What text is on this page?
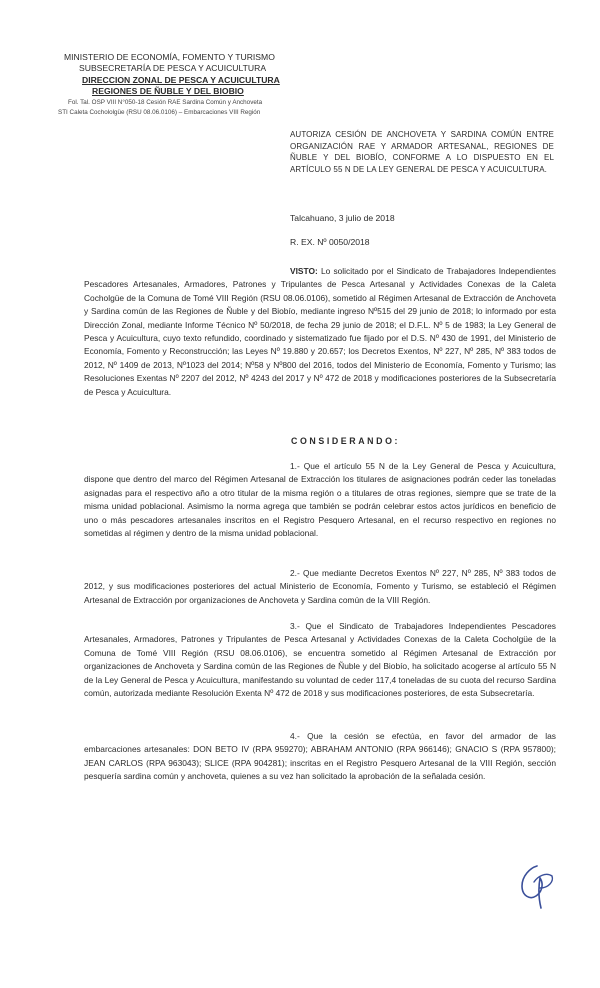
MINISTERIO DE ECONOMÍA, FOMENTO Y TURISMO
SUBSECRETARÍA DE PESCA Y ACUICULTURA
DIRECCION ZONAL DE PESCA Y ACUICULTURA
REGIONES DE ÑUBLE Y DEL BIOBIO
Fol. Tal. OSP VIII N°050-18 Cesión RAE Sardina Común y Anchoveta
STI Caleta Cochololgüe (RSU 08.06.0106) – Embarcaciones VIII Región
AUTORIZA CESIÓN DE ANCHOVETA Y SARDINA COMÚN ENTRE ORGANIZACIÓN RAE Y ARMADOR ARTESANAL, REGIONES DE ÑUBLE Y DEL BIOBÍO, CONFORME A LO DISPUESTO EN EL ARTÍCULO 55 N DE LA LEY GENERAL DE PESCA Y ACUICULTURA.
Talcahuano, 3 julio de 2018
R. EX. Nº 0050/2018
VISTO: Lo solicitado por el Sindicato de Trabajadores Independientes Pescadores Artesanales, Armadores, Patrones y Tripulantes de Pesca Artesanal y Actividades Conexas de la Caleta Cocholgüe de la Comuna de Tomé VIII Región (RSU 08.06.0106), sometido al Régimen Artesanal de Extracción de Anchoveta y Sardina común de las Regiones de Ñuble y del Biobío, mediante ingreso Nº515 del 29 junio de 2018; lo informado por esta Dirección Zonal, mediante Informe Técnico Nº 50/2018, de fecha 29 junio de 2018; el D.F.L. Nº 5 de 1983; la Ley General de Pesca y Acuicultura, cuyo texto refundido, coordinado y sistematizado fue fijado por el D.S. Nº 430 de 1991, del Ministerio de Economía, Fomento y Reconstrucción; las Leyes Nº 19.880 y 20.657; los Decretos Exentos, Nº 227, Nº 285, Nº 383 todos de 2012, Nº 1409 de 2013, Nº1023 del 2014; Nº58 y Nº800 del 2016, todos del Ministerio de Economía, Fomento y Turismo; las Resoluciones Exentas Nº 2207 del 2012, Nº 4243 del 2017 y Nº 472 de 2018 y modificaciones posteriores de la Subsecretaría de Pesca y Acuicultura.
CONSIDERANDO:
1.- Que el artículo 55 N de la Ley General de Pesca y Acuicultura, dispone que dentro del marco del Régimen Artesanal de Extracción los titulares de asignaciones podrán ceder las toneladas asignadas para el respectivo año a otro titular de la misma región o a titulares de otras regiones, siempre que se trate de la misma unidad poblacional. Asimismo la norma agrega que también se podrán celebrar estos actos jurídicos en beneficio de uno o más pescadores artesanales inscritos en el Registro Pesquero Artesanal, en el recurso respectivo en regiones no sometidas al régimen y dentro de la misma unidad poblacional.
2.- Que mediante Decretos Exentos Nº 227, Nº 285, Nº 383 todos de 2012, y sus modificaciones posteriores del actual Ministerio de Economía, Fomento y Turismo, se estableció el Régimen Artesanal de Extracción por organizaciones de Anchoveta y Sardina común de la VIII Región.
3.- Que el Sindicato de Trabajadores Independientes Pescadores Artesanales, Armadores, Patrones y Tripulantes de Pesca Artesanal y Actividades Conexas de la Caleta Cocholgüe de la Comuna de Tomé VIII Región (RSU 08.06.0106), se encuentra sometido al Régimen Artesanal de Extracción por organizaciones de Anchoveta y Sardina común de las Regiones de Ñuble y del Biobío, ha solicitado acogerse al artículo 55 N de la Ley General de Pesca y Acuicultura, manifestando su voluntad de ceder 117,4 toneladas de su cuota del recurso Sardina común, autorizada mediante Resolución Exenta Nº 472 de 2018 y sus modificaciones posteriores, de esta Subsecretaría.
4.- Que la cesión se efectúa, en favor del armador de las embarcaciones artesanales: DON BETO IV (RPA 959270); ABRAHAM ANTONIO (RPA 966146); GNACIO S (RPA 957800); JEAN CARLOS (RPA 963043); SLICE (RPA 904281); inscritas en el Registro Pesquero Artesanal de la VIII Región, sección pesquería sardina común y anchoveta, quienes a su vez han solicitado la aprobación de la señalada cesión.
